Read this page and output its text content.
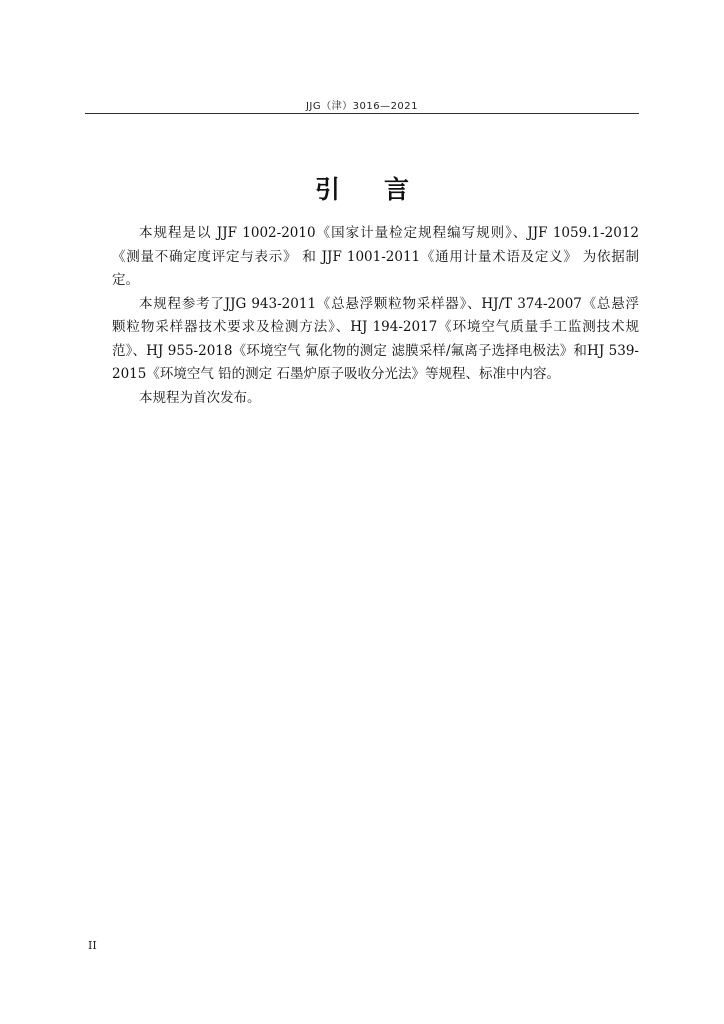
JJG（津）3016—2021
引言

本规程是以 JJF 1002-2010《国家计量检定规程编写规则》、JJF 1059.1-2012
《测量不确定度评定与表示》 和 JJF 1001-2011《通用计量术语及定义》 为依据制
定。

本规程参考了JJG 943-2011《总悬浮颗粒物采样器》、HJ/T 374-2007《总悬浮
颗粒物采样器技术要求及检测方法》、HJ 194-2017《环境空气质量手工监测技术规
范》、HJ 955-2018《环境空气 氟化物的测定 滤膜采样/氟离子选择电极法》和HJ 539-
2015《环境空气 铅的测定 石墨炉原子吸收分光法》等规程、标准中内容。

本规程为首次发布。

II
